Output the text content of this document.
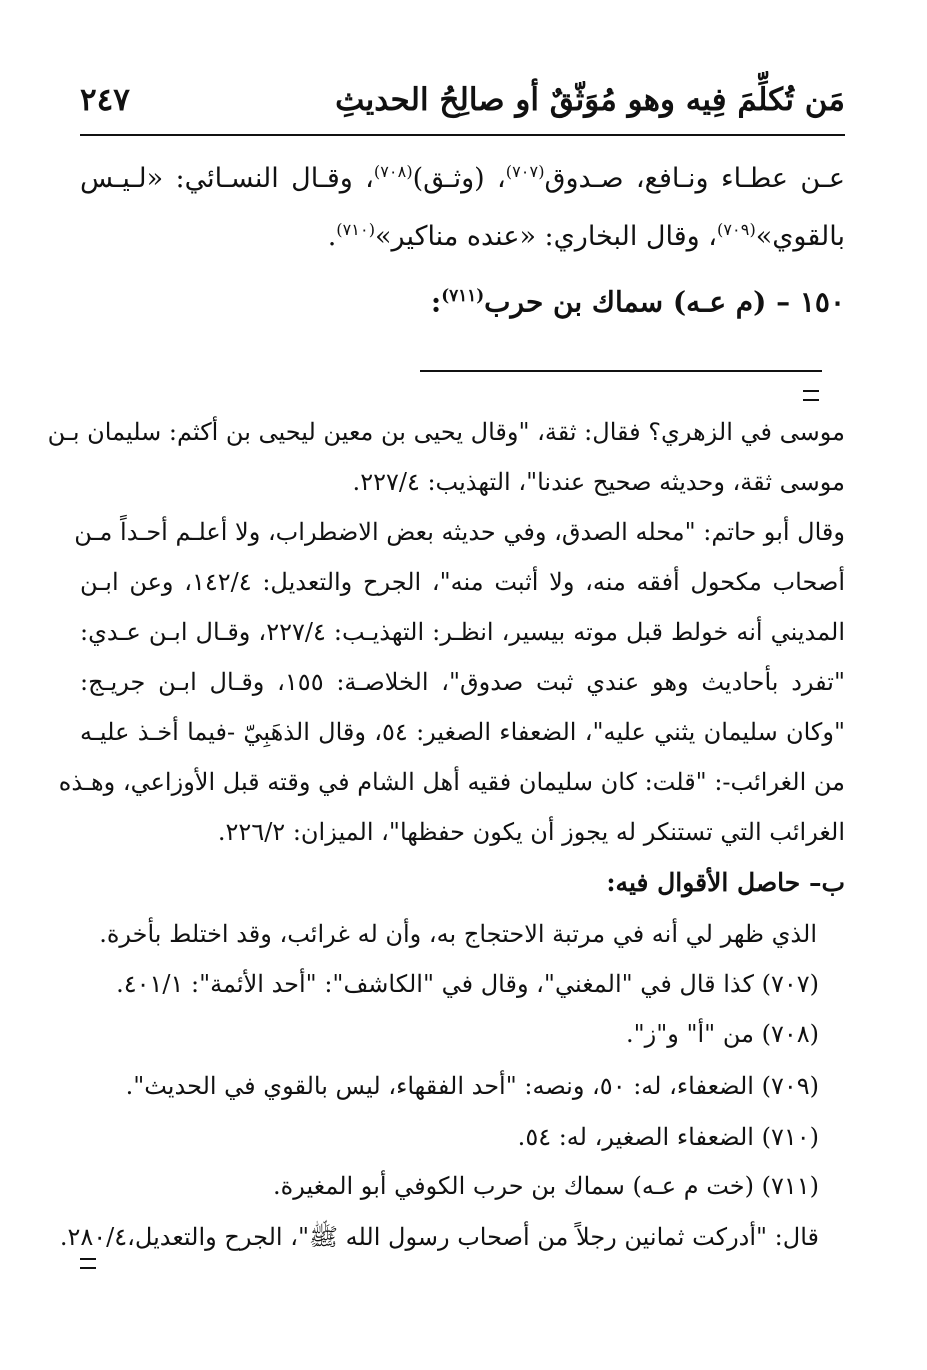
مَن تُكلِّمَ فِيه وهو مُوَثّقٌ أو صالِحُ الحديثِ
٢٤٧
عـن عطـاء ونـافع، صـدوق$^{(٧٠٧)}$، (وثـق)$^{(٧٠٨)}$، وقـال النسـائي: «لـيـس
بالقوي»$^{(٧٠٩)}$، وقال البخاري: «عنده مناكير»$^{(٧١٠)}$.
١٥٠ – (م عـه) سماك بن حرب$^{(٧١١)}$:
موسى في الزهري؟ فقال: ثقة، "وقال يحيى بن معين ليحيى بن أكثم: سليمان بـن
موسى ثقة، وحديثه صحيح عندنا"، التهذيب: ٢٢٧/٤.
وقال أبو حاتم: "محله الصدق، وفي حديثه بعض الاضطراب، ولا أعلـم أحـداً مـن
أصحاب مكحول أفقه منه، ولا أثبت منه"، الجرح والتعديل: ١٤٢/٤، وعن ابـن
المديني أنه خولط قبل موته بيسير، انظـر: التهذيـب: ٢٢٧/٤، وقـال ابـن عـدي:
"تفرد بأحاديث وهو عندي ثبت صدوق"، الخلاصـة: ١٥٥، وقـال ابـن جريـج:
"وكان سليمان يثني عليه"، الضعفاء الصغير: ٥٤، وقال الذهَبِيّ -فيما أخـذ عليـه
من الغرائب-: "قلت: كان سليمان فقيه أهل الشام في وقته قبل الأوزاعي، وهـذه
الغرائب التي تستنكر له يجوز أن يكون حفظها"، الميزان: ٢٢٦/٢.
ب– حاصل الأقوال فيه:
الذي ظهر لي أنه في مرتبة الاحتجاج به، وأن له غرائب، وقد اختلط بأخرة.
(٧٠٧) كذا قال في "المغني"، وقال في "الكاشف": "أحد الأئمة": ٤٠١/١.
(٧٠٨) من "أ" و"ز".
(٧٠٩) الضعفاء، له: ٥٠، ونصه: "أحد الفقهاء، ليس بالقوي في الحديث".
(٧١٠) الضعفاء الصغير، له: ٥٤.
(٧١١) (خت م عـه) سماك بن حرب الكوفي أبو المغيرة.
قال: "أدركت ثمانين رجلاً من أصحاب رسول الله ﷺ"، الجرح والتعديل،٢٨٠/٤.
